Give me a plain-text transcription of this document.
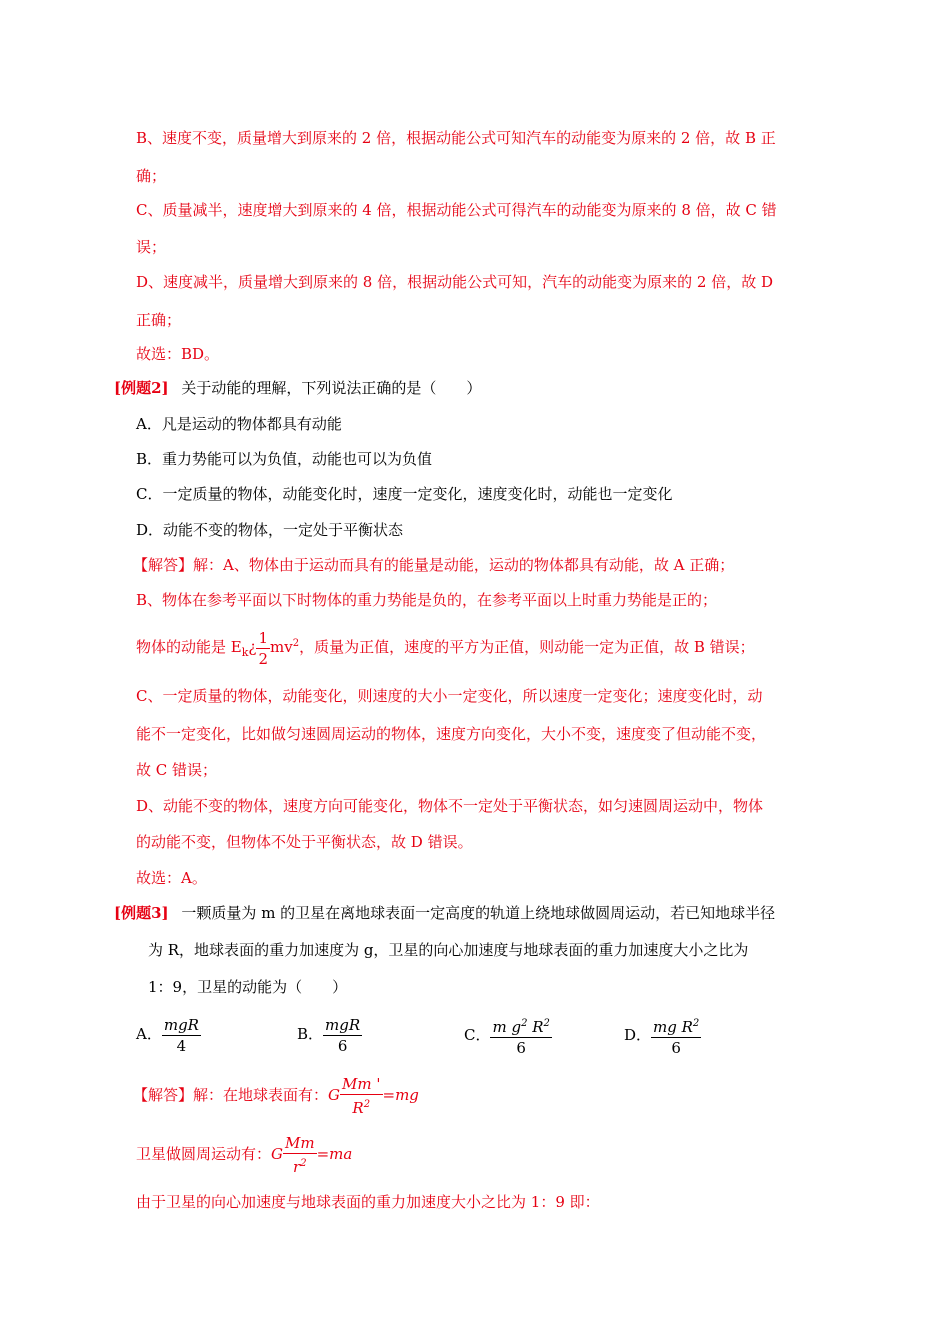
B、速度不变，质量增大到原来的 2 倍，根据动能公式可知汽车的动能变为原来的 2 倍，故 B 正
确；
C、质量减半，速度增大到原来的 4 倍，根据动能公式可得汽车的动能变为原来的 8 倍，故 C 错
误；
D、速度减半，质量增大到原来的 8 倍，根据动能公式可知，汽车的动能变为原来的 2 倍，故 D
正确；
故选：BD。
[例题2] 关于动能的理解，下列说法正确的是（　　）
A．凡是运动的物体都具有动能
B．重力势能可以为负值，动能也可以为负值
C．一定质量的物体，动能变化时，速度一定变化，速度变化时，动能也一定变化
D．动能不变的物体，一定处于平衡状态
【解答】解：A、物体由于运动而具有的能量是动能，运动的物体都具有动能，故 A 正确；
B、物体在参考平面以下时物体的重力势能是负的，在参考平面以上时重力势能是正的；
物体的动能是 $E_k¿ \frac{1}{2} mv^2$，质量为正值，速度的平方为正值，则动能一定为正值，故 B 错误；
C、一定质量的物体，动能变化，则速度的大小一定变化，所以速度一定变化；速度变化时，动
能不一定变化，比如做匀速圆周运动的物体，速度方向变化，大小不变，速度变了但动能不变，
故 C 错误；
D、动能不变的物体，速度方向可能变化，物体不一定处于平衡状态，如匀速圆周运动中，物体
的动能不变，但物体不处于平衡状态，故 D 错误。
故选：A。
[例题3] 一颗质量为 m 的卫星在离地球表面一定高度的轨道上绕地球做圆周运动，若已知地球半径
为 R，地球表面的重力加速度为 g，卫星的向心加速度与地球表面的重力加速度大小之比为
1：9，卫星的动能为（　　）
A． $\frac{\text{mgR}}{4}$	B． $\frac{\text{mgR}}{6}$	C． $\frac{m g^2 R^2}{6}$	D． $\frac{mg R^2}{6}$
【解答】解：在地球表面有：G $\frac{Mm '}{R^2} =mg$
卫星做圆周运动有：G $\frac{Mm}{r^2} =ma$
由于卫星的向心加速度与地球表面的重力加速度大小之比为 1：9 即：
